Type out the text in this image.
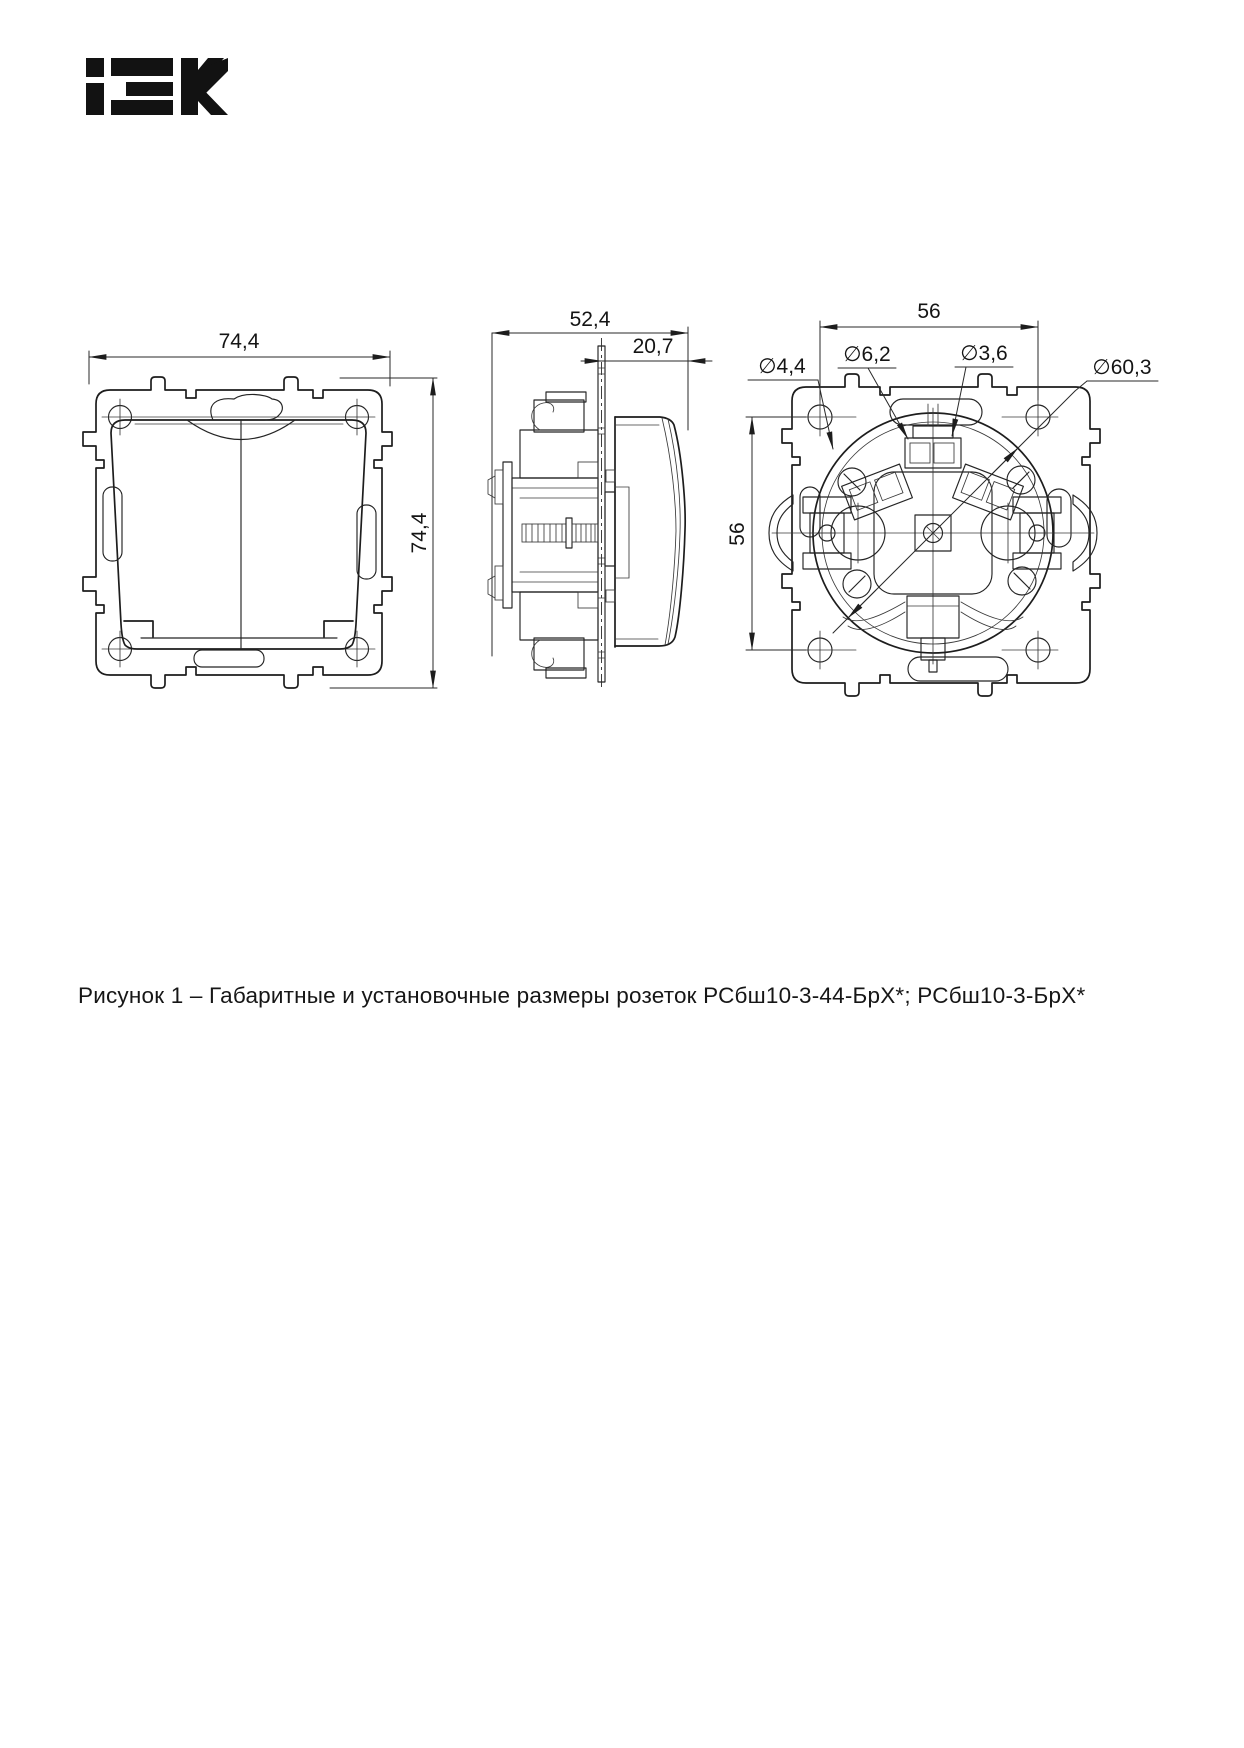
74,4
74,4
52,4
20,7
56
56
∅4,4
∅6,2	∅3,6
∅60,3
Рисунок 1 – Габаритные и установочные размеры розеток РСбш10-3-44-БрХ*; РСбш10-3-БрХ*
